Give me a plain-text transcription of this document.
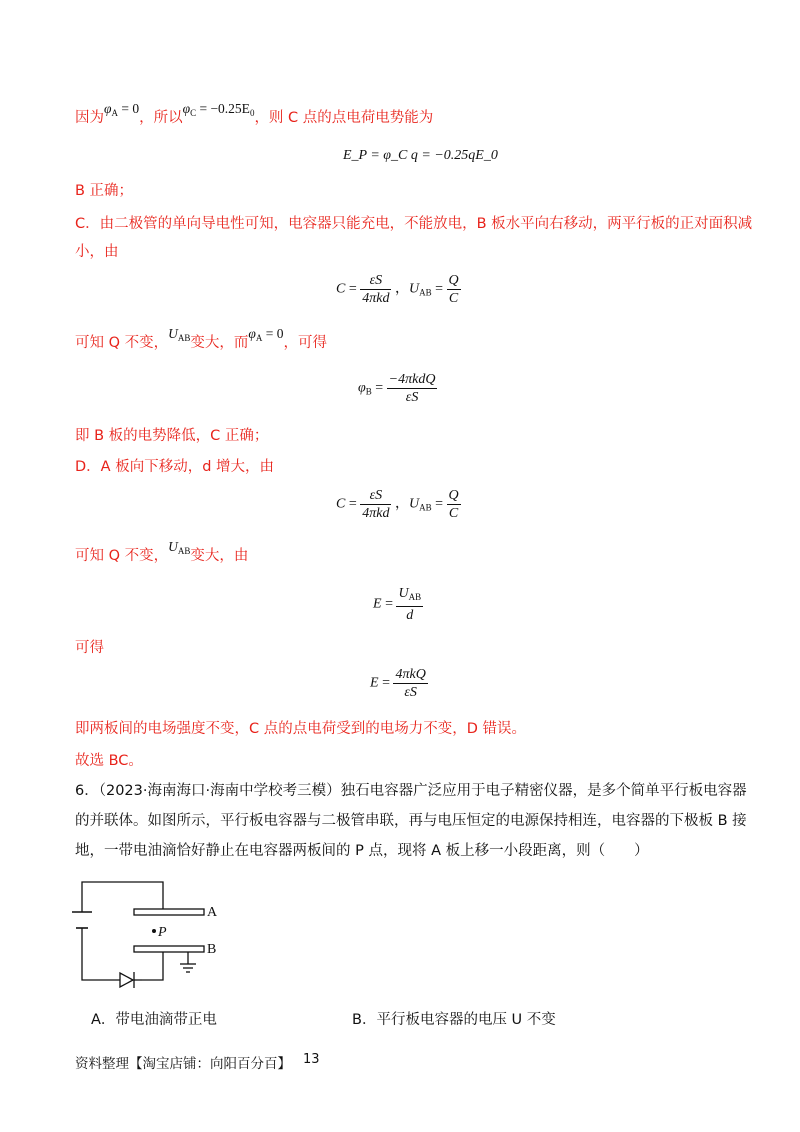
因为$\varphi_A = 0$，所以$\varphi_C = -0.25E_0$，则 C 点的点电荷电势能为
E_P = φ_C q = −0.25qE_0
B 正确；
C．由二极管的单向导电性可知，电容器只能充电，不能放电，B 板水平向右移动，两平行板的正对面积减
小，由
$C = \frac{\varepsilon S}{\text{4πkd}}$ ，$U_{AB} = \frac{Q}{C}$
可知 Q 不变，$U_{AB}$变大，而$\varphi_A = 0$，可得
$\varphi_B = \frac{\text{−4πkdQ}}{\varepsilon S}$
即 B 板的电势降低，C 正确；
D．A 板向下移动，d 增大，由
$C = \frac{\varepsilon S}{\text{4πkd}}$ ，$U_{AB} = \frac{Q}{C}$
可知 Q 不变，$U_{AB}$变大，由
$E = \frac{U_{AB}}{d}$
可得
$E = \frac{\text{4πkQ}}{\varepsilon S}$
即两板间的电场强度不变，C 点的点电荷受到的电场力不变，D 错误。
故选 BC。
6．（2023·海南海口·海南中学校考三模）独石电容器广泛应用于电子精密仪器，是多个简单平行板电容器
的并联体。如图所示，平行板电容器与二极管串联，再与电压恒定的电源保持相连，电容器的下极板 B 接
地，一带电油滴恰好静止在电容器两板间的 P 点，现将 A 板上移一小段距离，则（　　）
A
B
P
A．带电油滴带正电	B．平行板电容器的电压 U 不变
资料整理【淘宝店铺：向阳百分百】 13
